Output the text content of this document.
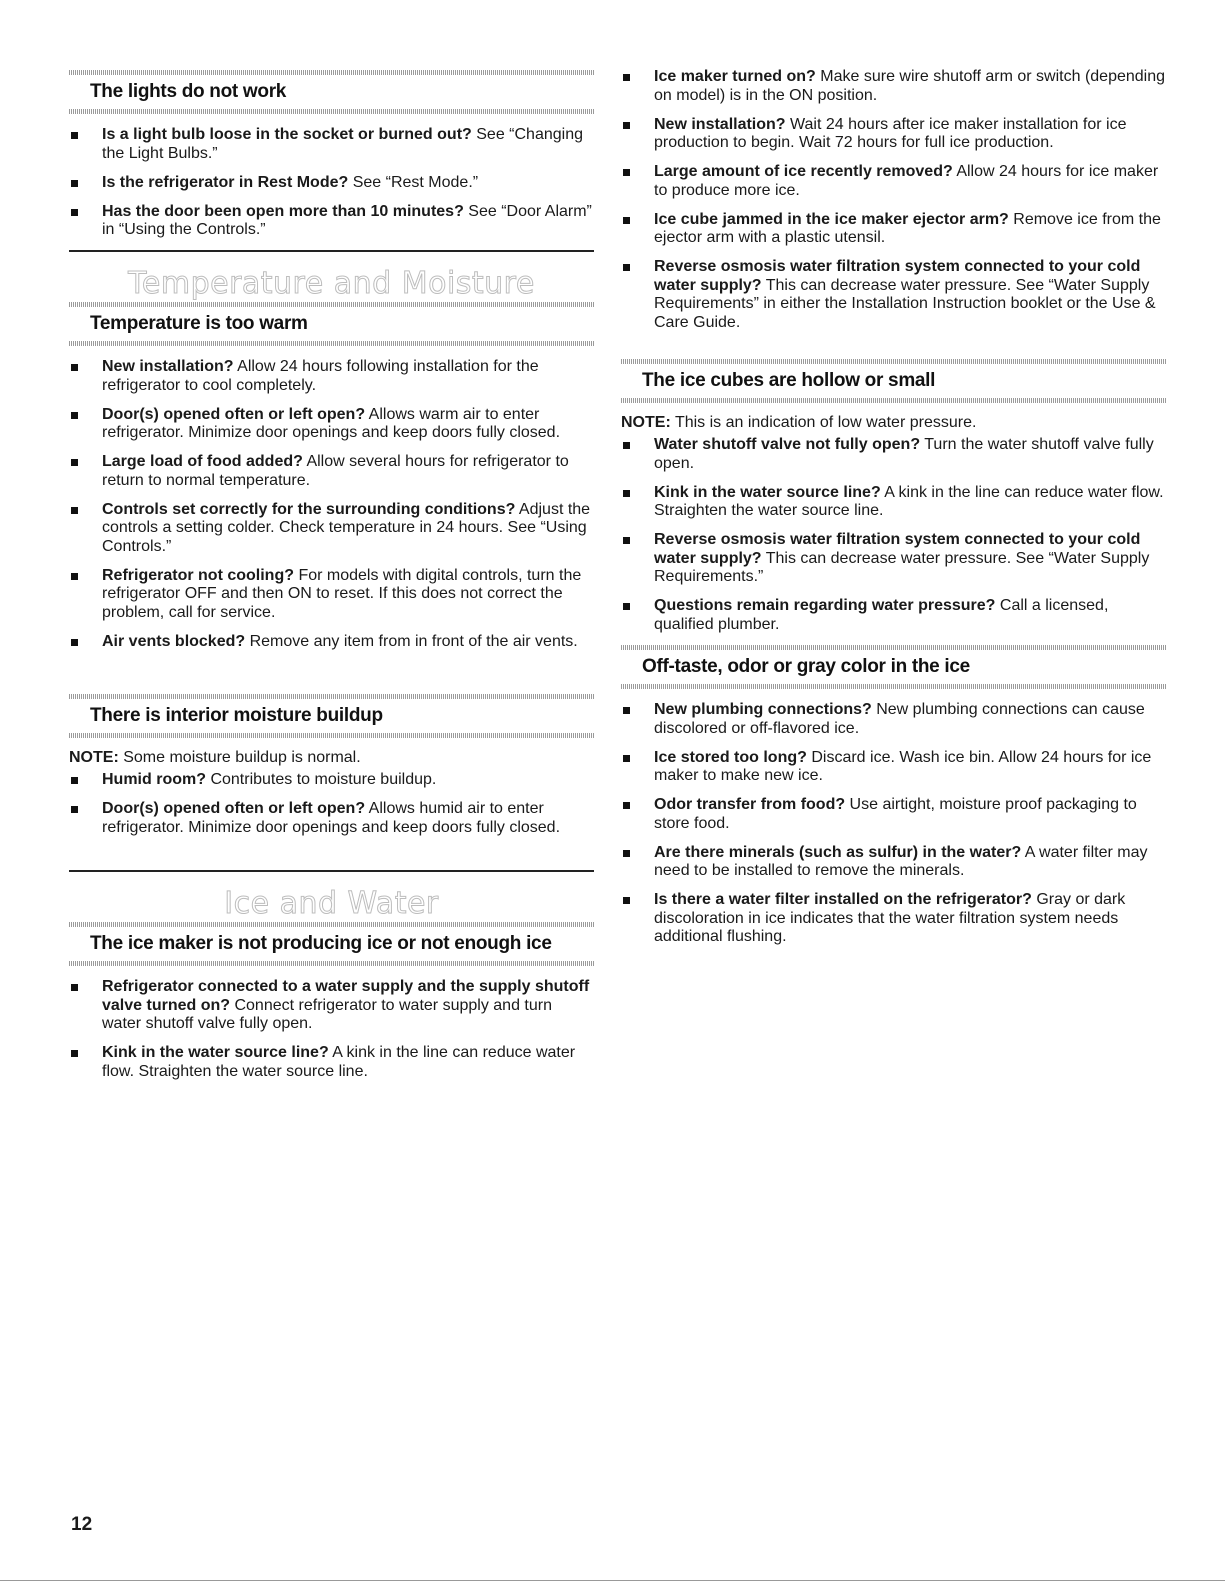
The lights do not work
Is a light bulb loose in the socket or burned out? See “Changing the Light Bulbs.”
Is the refrigerator in Rest Mode? See “Rest Mode.”
Has the door been open more than 10 minutes? See “Door Alarm” in “Using the Controls.”
Temperature and Moisture
Temperature is too warm
New installation? Allow 24 hours following installation for the refrigerator to cool completely.
Door(s) opened often or left open? Allows warm air to enter refrigerator. Minimize door openings and keep doors fully closed.
Large load of food added? Allow several hours for refrigerator to return to normal temperature.
Controls set correctly for the surrounding conditions? Adjust the controls a setting colder. Check temperature in 24 hours. See “Using Controls.”
Refrigerator not cooling? For models with digital controls, turn the refrigerator OFF and then ON to reset. If this does not correct the problem, call for service.
Air vents blocked? Remove any item from in front of the air vents.
There is interior moisture buildup

NOTE: Some moisture buildup is normal.

Humid room? Contributes to moisture buildup.
Door(s) opened often or left open? Allows humid air to enter refrigerator. Minimize door openings and keep doors fully closed.
Ice and Water
The ice maker is not producing ice or not enough ice
Refrigerator connected to a water supply and the supply shutoff valve turned on? Connect refrigerator to water supply and turn water shutoff valve fully open.
Kink in the water source line? A kink in the line can reduce water flow. Straighten the water source line.
Ice maker turned on? Make sure wire shutoff arm or switch (depending on model) is in the ON position.
New installation? Wait 24 hours after ice maker installation for ice production to begin. Wait 72 hours for full ice production.
Large amount of ice recently removed? Allow 24 hours for ice maker to produce more ice.
Ice cube jammed in the ice maker ejector arm? Remove ice from the ejector arm with a plastic utensil.
Reverse osmosis water filtration system connected to your cold water supply? This can decrease water pressure. See “Water Supply Requirements” in either the Installation Instruction booklet or the Use & Care Guide.
The ice cubes are hollow or small

NOTE: This is an indication of low water pressure.

Water shutoff valve not fully open? Turn the water shutoff valve fully open.
Kink in the water source line? A kink in the line can reduce water flow. Straighten the water source line.
Reverse osmosis water filtration system connected to your cold water supply? This can decrease water pressure. See “Water Supply Requirements.”
Questions remain regarding water pressure? Call a licensed, qualified plumber.
Off-taste, odor or gray color in the ice
New plumbing connections? New plumbing connections can cause discolored or off-flavored ice.
Ice stored too long? Discard ice. Wash ice bin. Allow 24 hours for ice maker to make new ice.
Odor transfer from food? Use airtight, moisture proof packaging to store food.
Are there minerals (such as sulfur) in the water? A water filter may need to be installed to remove the minerals.
Is there a water filter installed on the refrigerator? Gray or dark discoloration in ice indicates that the water filtration system needs additional flushing.
12
